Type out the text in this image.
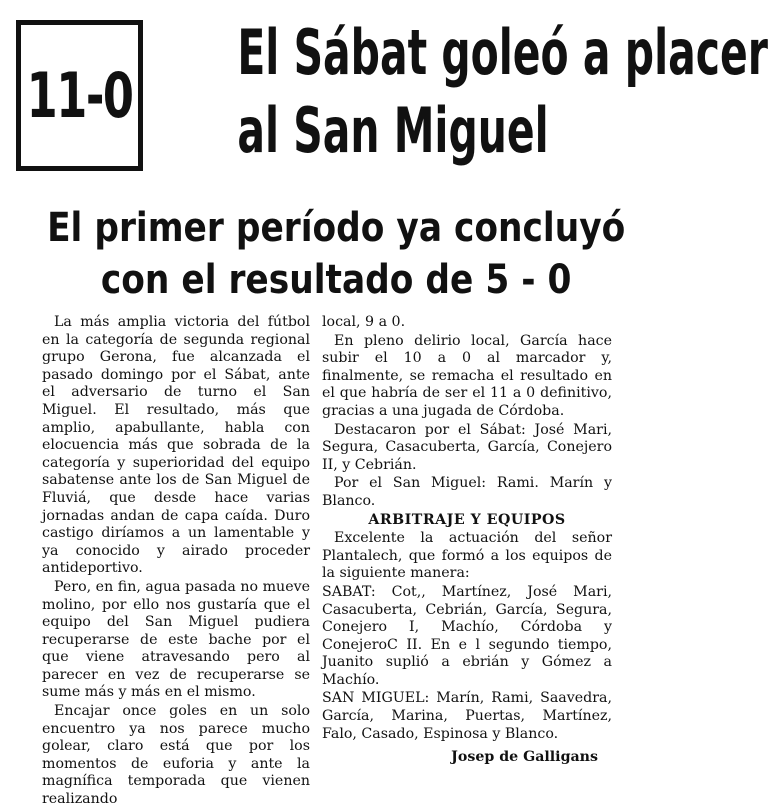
11-0
El Sábat goleó a placer
al San Miguel
El primer período ya concluyó
con el resultado de 5 - 0

La más amplia victoria del fútbol en la categoría de segunda regional grupo Gerona, fue alcanzada el pasado domingo por el Sábat, ante el adversario de turno el San Miguel. El resultado, más que amplio, apabullante, habla con elocuencia más que sobrada de la categoría y superioridad del equipo sabatense ante los de San Miguel de Fluviá, que desde hace varias jornadas andan de capa caída. Duro castigo diríamos a un lamentable y ya conocido y airado proceder antideportivo.

Pero, en fin, agua pasada no mueve molino, por ello nos gustaría que el equipo del San Miguel pudiera recuperarse de este bache por el que viene atravesando pero al parecer en vez de recuperarse se sume más y más en el mismo.

Encajar once goles en un solo encuentro ya nos parece mucho golear, claro está que por los momentos de euforia y ante la magnífica temporada que vienen realizando

local, 9 a 0.

En pleno delirio local, García hace subir el 10 a 0 al marcador y, finalmente, se remacha el resultado en el que habría de ser el 11 a 0 definitivo, gracias a una jugada de Córdoba.

Destacaron por el Sábat: José Mari, Segura, Casacuberta, García, Conejero II, y Cebrián.

Por el San Miguel: Rami. Marín y Blanco.

ARBITRAJE Y EQUIPOS

Excelente la actuación del señor Plantalech, que formó a los equipos de la siguiente manera:

SABAT: Cot,, Martínez, José Mari, Casacuberta, Cebrián, García, Segura, Conejero I, Machío, Córdoba y ConejeroC II. En e l segundo tiempo, Juanito suplió a ebrián y Gómez a Machío.

SAN MIGUEL: Marín, Rami, Saavedra, García, Marina, Puertas, Martínez, Falo, Casado, Espinosa y Blanco.

Josep de Galligans
